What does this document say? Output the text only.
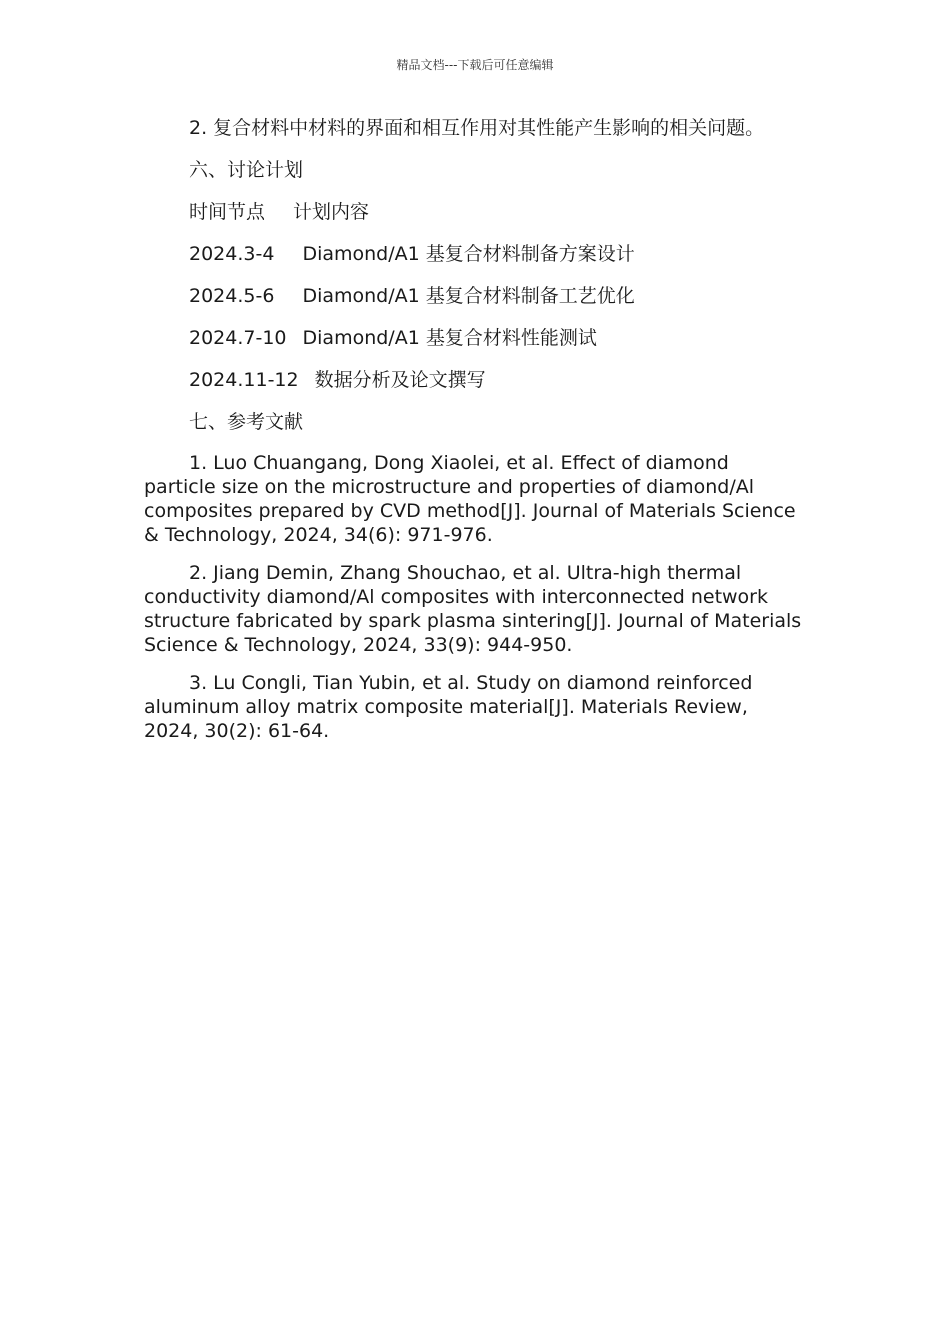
精品文档---下载后可任意编辑

2. 复合材料中材料的界面和相互作用对其性能产生影响的相关问题。

六、讨论计划

时间节点 计划内容
2024.3-4 Diamond/A1 基复合材料制备方案设计
2024.5-6 Diamond/A1 基复合材料制备工艺优化
2024.7-10 Diamond/A1 基复合材料性能测试
2024.11-12 数据分析及论文撰写

七、参考文献

1. Luo Chuangang, Dong Xiaolei, et al. Effect of diamond particle size on the microstructure and properties of diamond/Al composites prepared by CVD method[J]. Journal of Materials Science & Technology, 2024, 34(6): 971-976.

2. Jiang Demin, Zhang Shouchao, et al. Ultra-high thermal conductivity diamond/Al composites with interconnected network structure fabricated by spark plasma sintering[J]. Journal of Materials Science & Technology, 2024, 33(9): 944-950.

3. Lu Congli, Tian Yubin, et al. Study on diamond reinforced aluminum alloy matrix composite material[J]. Materials Review, 2024, 30(2): 61-64.
